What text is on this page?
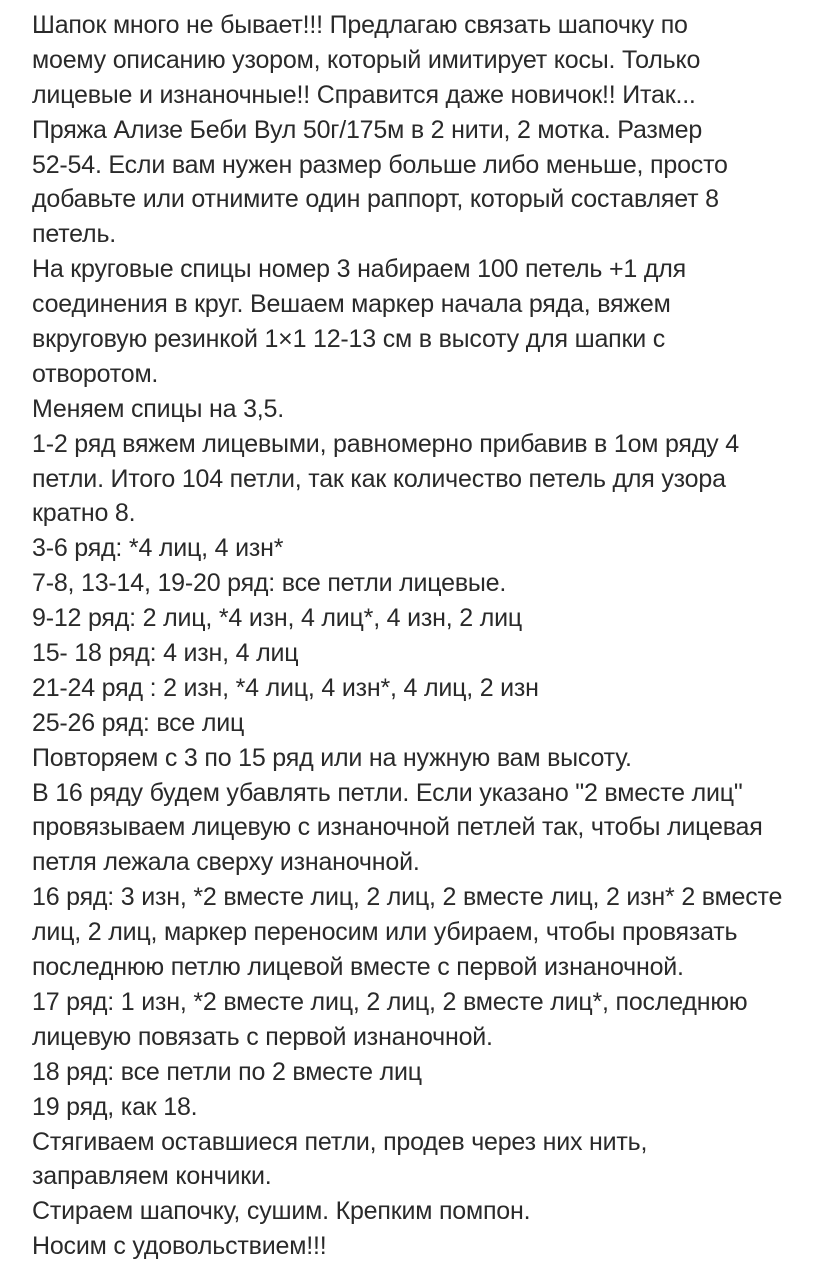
Шапок много не бывает!!! Предлагаю связать шапочку по
моему описанию узором, который имитирует косы. Только
лицевые и изнаночные!! Справится даже новичок!! Итак...
Пряжа Ализе Беби Вул 50г/175м в 2 нити, 2 мотка. Размер
52-54. Если вам нужен размер больше либо меньше, просто
добавьте или отнимите один раппорт, который составляет 8
петель.
На круговые спицы номер 3 набираем 100 петель +1 для
соединения в круг. Вешаем маркер начала ряда, вяжем
вкруговую резинкой 1×1 12-13 см в высоту для шапки с
отворотом.
Меняем спицы на 3,5.
1-2 ряд вяжем лицевыми, равномерно прибавив в 1ом ряду 4
петли. Итого 104 петли, так как количество петель для узора
кратно 8.
3-6 ряд: *4 лиц, 4 изн*
7-8, 13-14, 19-20 ряд: все петли лицевые.
9-12 ряд: 2 лиц, *4 изн, 4 лиц*, 4 изн, 2 лиц
15- 18 ряд: 4 изн, 4 лиц
21-24 ряд : 2 изн, *4 лиц, 4 изн*, 4 лиц, 2 изн
25-26 ряд: все лиц
Повторяем с 3 по 15 ряд или на нужную вам высоту.
В 16 ряду будем убавлять петли. Если указано "2 вместе лиц"
провязываем лицевую с изнаночной петлей так, чтобы лицевая
петля лежала сверху изнаночной.
16 ряд: 3 изн, *2 вместе лиц, 2 лиц, 2 вместе лиц, 2 изн* 2 вместе
лиц, 2 лиц, маркер переносим или убираем, чтобы провязать
последнюю петлю лицевой вместе с первой изнаночной.
17 ряд: 1 изн, *2 вместе лиц, 2 лиц, 2 вместе лиц*, последнюю
лицевую повязать с первой изнаночной.
18 ряд: все петли по 2 вместе лиц
19 ряд, как 18.
Стягиваем оставшиеся петли, продев через них нить,
заправляем кончики.
Стираем шапочку, сушим. Крепким помпон.
Носим с удовольствием!!!
